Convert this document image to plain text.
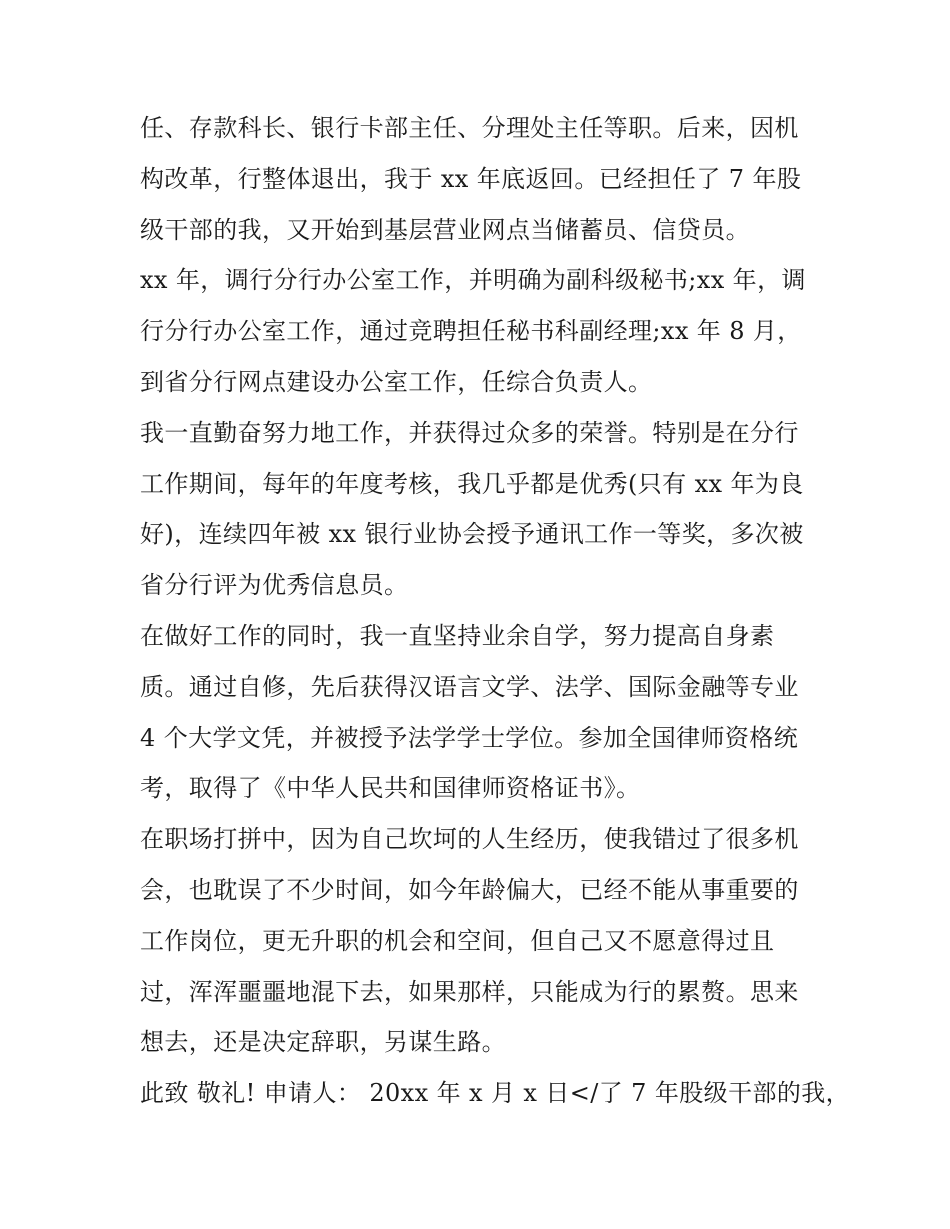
任、存款科长、银行卡部主任、分理处主任等职。后来，因机
构改革，行整体退出，我于 xx 年底返回。已经担任了 7 年股
级干部的我，又开始到基层营业网点当储蓄员、信贷员。
xx 年，调行分行办公室工作，并明确为副科级秘书;xx 年，调
行分行办公室工作，通过竞聘担任秘书科副经理;xx 年 8 月，
到省分行网点建设办公室工作，任综合负责人。
我一直勤奋努力地工作，并获得过众多的荣誉。特别是在分行
工作期间，每年的年度考核，我几乎都是优秀(只有 xx 年为良
好)，连续四年被 xx 银行业协会授予通讯工作一等奖，多次被
省分行评为优秀信息员。
在做好工作的同时，我一直坚持业余自学，努力提高自身素
质。通过自修，先后获得汉语言文学、法学、国际金融等专业
4 个大学文凭，并被授予法学学士学位。参加全国律师资格统
考，取得了《中华人民共和国律师资格证书》。
在职场打拼中，因为自己坎坷的人生经历，使我错过了很多机
会，也耽误了不少时间，如今年龄偏大，已经不能从事重要的
工作岗位，更无升职的机会和空间，但自己又不愿意得过且
过，浑浑噩噩地混下去，如果那样，只能成为行的累赘。思来
想去，还是决定辞职，另谋生路。
此致 敬礼! 申请人： 20xx 年 x 月 x 日</了 7 年股级干部的我，
